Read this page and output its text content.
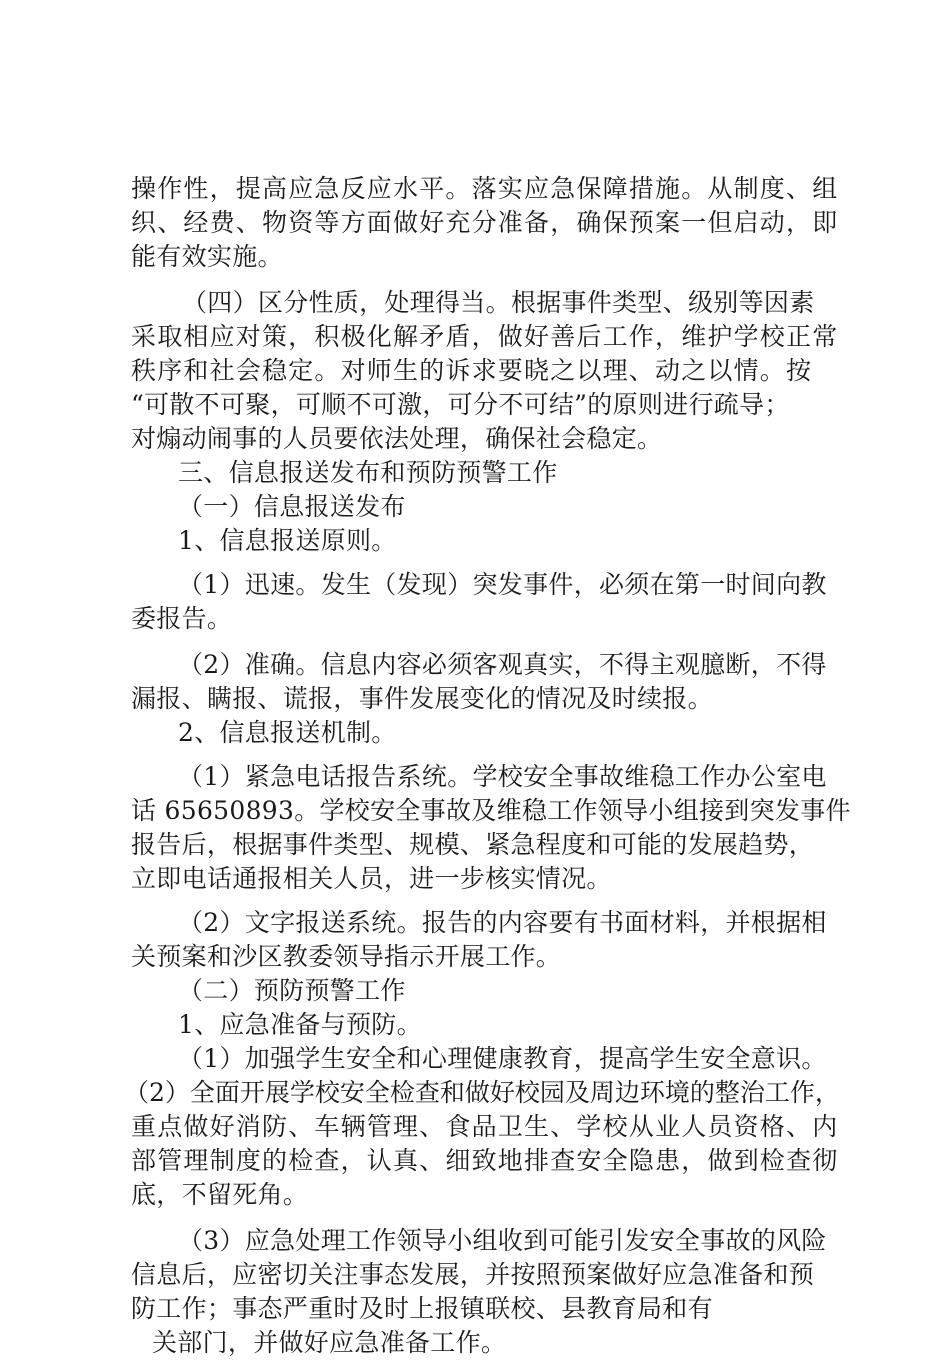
操作性，提高应急反应水平。落实应急保障措施。从制度、组
织、经费、物资等方面做好充分准备，确保预案一但启动，即
能有效实施。
（四）区分性质，处理得当。根据事件类型、级别等因素
采取相应对策，积极化解矛盾，做好善后工作，维护学校正常
秩序和社会稳定。对师生的诉求要晓之以理、动之以情。按
“可散不可聚，可顺不可激，可分不可结”的原则进行疏导；
对煽动闹事的人员要依法处理，确保社会稳定。
三、信息报送发布和预防预警工作
（一）信息报送发布
1、信息报送原则。
（1）迅速。发生（发现）突发事件，必须在第一时间向教
委报告。
（2）准确。信息内容必须客观真实，不得主观臆断，不得
漏报、瞒报、谎报，事件发展变化的情况及时续报。
2、信息报送机制。
（1）紧急电话报告系统。学校安全事故维稳工作办公室电
话 65650893。学校安全事故及维稳工作领导小组接到突发事件
报告后，根据事件类型、规模、紧急程度和可能的发展趋势，
立即电话通报相关人员，进一步核实情况。
（2）文字报送系统。报告的内容要有书面材料，并根据相
关预案和沙区教委领导指示开展工作。
（二）预防预警工作
1、应急准备与预防。
（1）加强学生安全和心理健康教育，提高学生安全意识。
（2）全面开展学校安全检查和做好校园及周边环境的整治工作，
重点做好消防、车辆管理、食品卫生、学校从业人员资格、内
部管理制度的检查，认真、细致地排查安全隐患，做到检查彻
底，不留死角。
（3）应急处理工作领导小组收到可能引发安全事故的风险
信息后，应密切关注事态发展，并按照预案做好应急准备和预
防工作；事态严重时及时上报镇联校、县教育局和有
关部门，并做好应急准备工作。
